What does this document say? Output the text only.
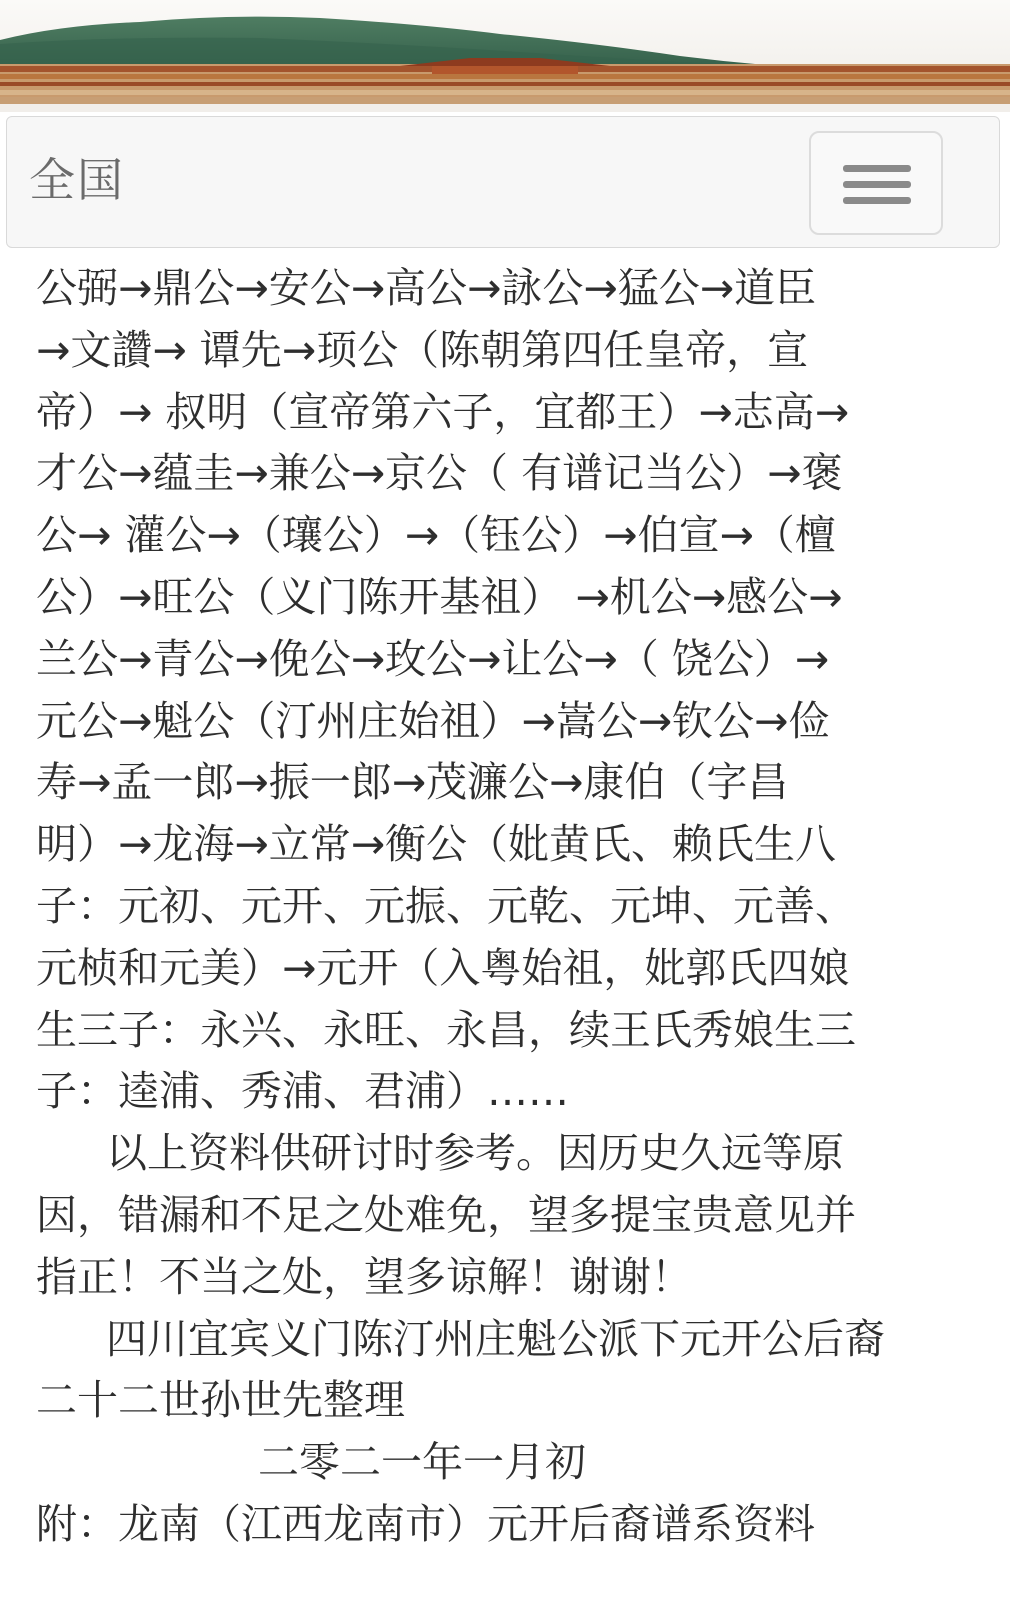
全国
公弼→鼎公→安公→高公→詠公→猛公→道臣
→文讚→ 谭先→顼公（陈朝第四任皇帝，宣
帝）→ 叔明（宣帝第六子，宜都王）→志高→
才公→蕴圭→兼公→京公（ 有谱记当公）→褒
公→ 灌公→（瓖公）→（钰公）→伯宣→（檀
公）→旺公（义门陈开基祖） →机公→感公→
兰公→青公→俛公→玫公→让公→（ 饶公）→
元公→魁公（汀州庄始祖）→嵩公→钦公→俭
寿→孟一郎→振一郎→茂濂公→康伯（字昌
明）→龙海→立常→衡公（妣黄氏、赖氏生八
子：元初、元开、元振、元乾、元坤、元善、
元桢和元美）→元开（入粤始祖，妣郭氏四娘
生三子：永兴、永旺、永昌，续王氏秀娘生三
子：逵浦、秀浦、君浦）……
以上资料供研讨时参考。因历史久远等原
因，错漏和不足之处难免，望多提宝贵意见并
指正！不当之处，望多谅解！谢谢！
四川宜宾义门陈汀州庄魁公派下元开公后裔
二十二世孙世先整理
二零二一年一月初
附：龙南（江西龙南市）元开后裔谱系资料
